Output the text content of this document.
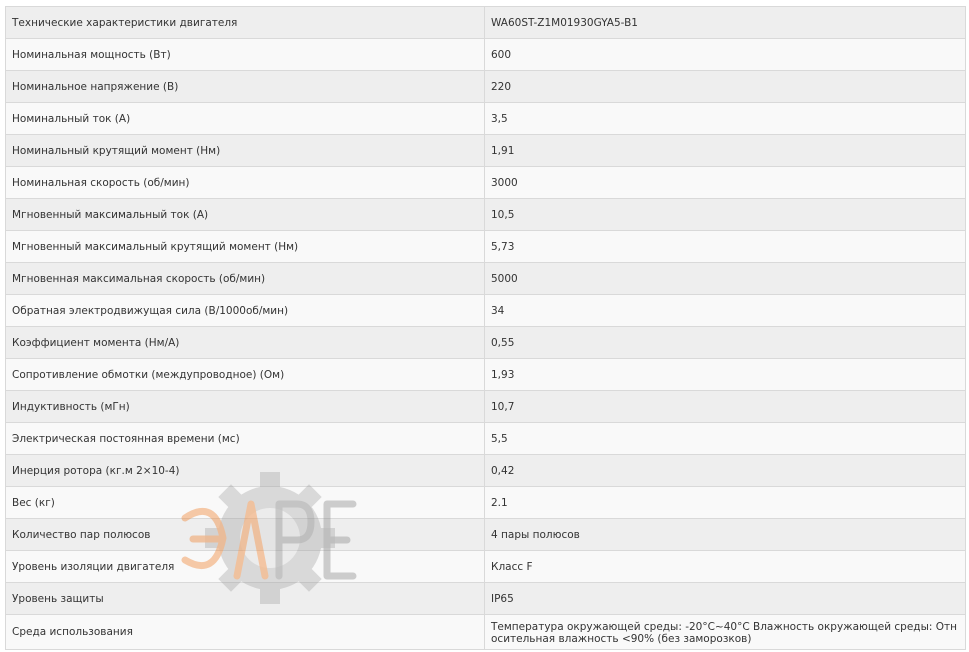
Технические характеристики двигателя	WA60ST-Z1M01930GYA5-B1
Номинальная мощность (Вт)	600
Номинальное напряжение (В)	220
Номинальный ток (А)	3,5
Номинальный крутящий момент (Нм)	1,91
Номинальная скорость (об/мин)	3000
Мгновенный максимальный ток (А)	10,5
Мгновенный максимальный крутящий момент (Нм)	5,73
Мгновенная максимальная скорость (об/мин)	5000
Обратная электродвижущая сила (В/1000об/мин)	34
Коэффициент момента (Нм/А)	0,55
Сопротивление обмотки (междупроводное) (Ом)	1,93
Индуктивность (мГн)	10,7
Электрическая постоянная времени (мс)	5,5
Инерция ротора (кг.м 2×10-4)	0,42
Вес (кг)	2.1
Количество пар полюсов	4 пары полюсов
Уровень изоляции двигателя	Класс F
Уровень защиты	IP65
Среда использования	Температура окружающей среды: -20°C~40°C Влажность окружающей среды: Относительная влажность <90% (без заморозков)
